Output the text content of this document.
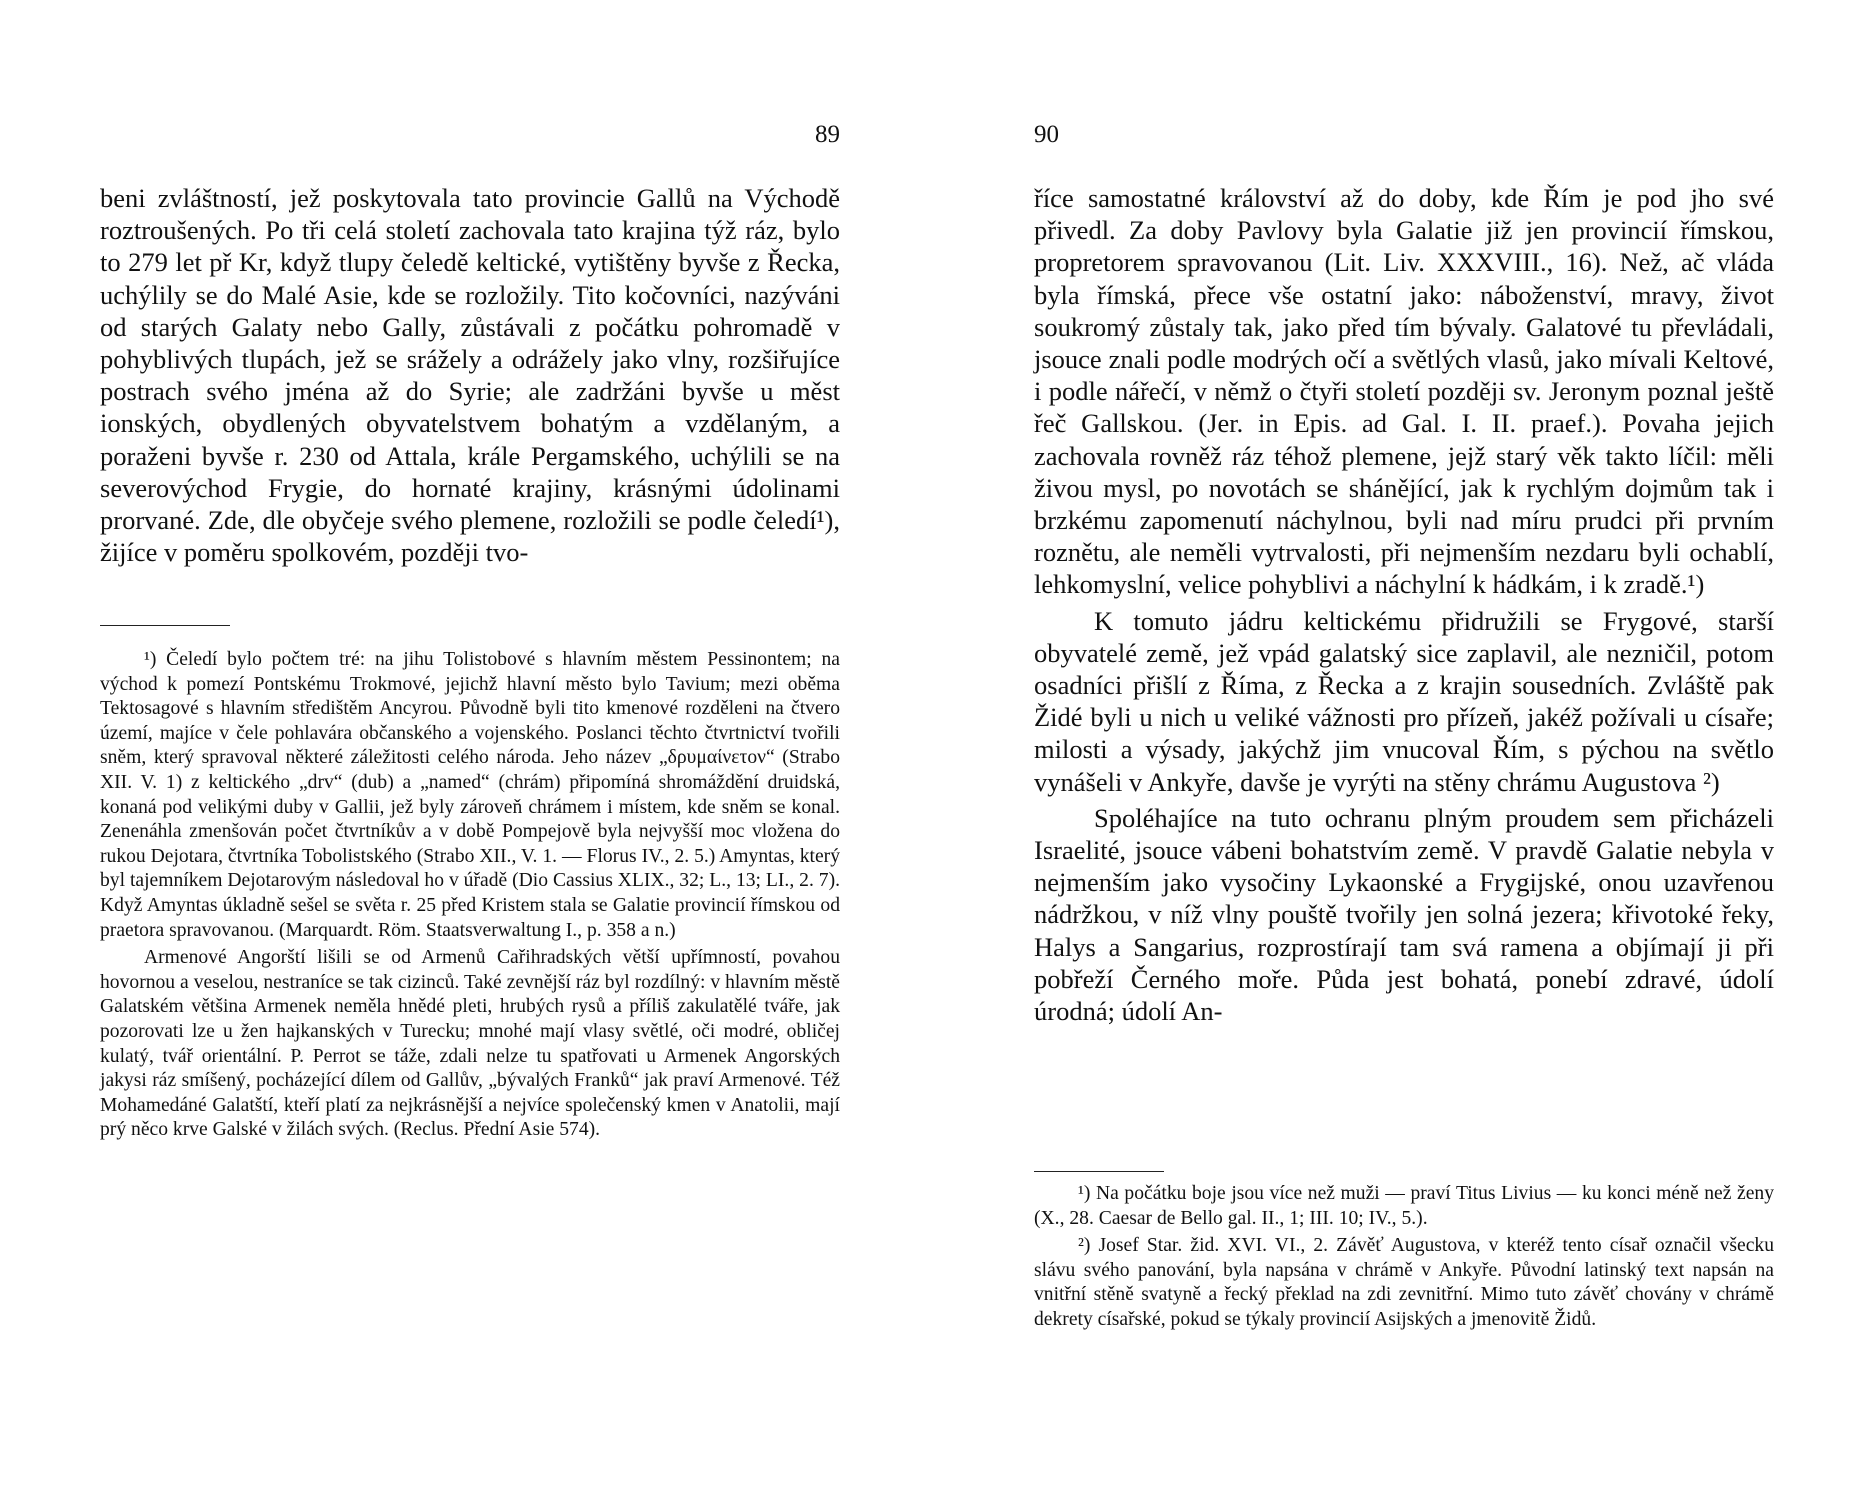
89

beni zvláštností, jež poskytovala tato provincie Gallů na Východě roztroušených. Po tři celá století zachovala tato krajina týž ráz, bylo to 279 let př Kr, když tlupy čeledě keltické, vytištěny byvše z Řecka, uchýlily se do Malé Asie, kde se rozložily. Tito kočovníci, nazýváni od starých Galaty nebo Gally, zůstávali z počátku pohromadě v pohyblivých tlupách, jež se srážely a odrážely jako vlny, rozšiřujíce postrach svého jména až do Syrie; ale zadržáni byvše u měst ionských, obydlených obyvatelstvem bohatým a vzdělaným, a poraženi byvše r. 230 od Attala, krále Pergamského, uchýlili se na severovýchod Frygie, do hornaté krajiny, krásnými údolinami prorvané. Zde, dle obyčeje svého plemene, rozložili se podle čeledí¹), žijíce v poměru spolkovém, později tvo-

¹) Čeledí bylo počtem tré: na jihu Tolistobové s hlavním městem Pessinontem; na východ k pomezí Pontskému Trokmové, jejichž hlavní město bylo Tavium; mezi oběma Tektosagové s hlavním středištěm Ancyrou. Původně byli tito kmenové rozděleni na čtvero území, majíce v čele pohlavára občanského a vojenského. Poslanci těchto čtvrtnictví tvořili sněm, který spravoval některé záležitosti celého národa. Jeho název „δρυμαίνετον“ (Strabo XII. V. 1) z keltického „drv“ (dub) a „named“ (chrám) připomíná shromáždění druidská, konaná pod velikými duby v Gallii, jež byly zároveň chrámem i místem, kde sněm se konal. Zenenáhla zmenšován počet čtvrtníkův a v době Pompejově byla nejvyšší moc vložena do rukou Dejotara, čtvrtníka Tobolistského (Strabo XII., V. 1. — Florus IV., 2. 5.) Amyntas, který byl tajemníkem Dejotarovým následoval ho v úřadě (Dio Cassius XLIX., 32; L., 13; LI., 2. 7). Když Amyntas úkladně sešel se světa r. 25 před Kristem stala se Galatie provincií římskou od praetora spravovanou. (Marquardt. Röm. Staatsverwaltung I., p. 358 a n.)

Armenové Angorští lišili se od Armenů Cařihradských větší upřímností, povahou hovornou a veselou, nestraníce se tak cizinců. Také zevnější ráz byl rozdílný: v hlavním městě Galatském většina Armenek neměla hnědé pleti, hrubých rysů a příliš zakulatělé tváře, jak pozorovati lze u žen hajkanských v Turecku; mnohé mají vlasy světlé, oči modré, obličej kulatý, tvář orientální. P. Perrot se táže, zdali nelze tu spatřovati u Armenek Angorských jakysi ráz smíšený, pocházející dílem od Gallův, „bývalých Franků“ jak praví Armenové. Též Mohamedáné Galatští, kteří platí za nejkrásnější a nejvíce společenský kmen v Anatolii, mají prý něco krve Galské v žilách svých. (Reclus. Přední Asie 574).

90

říce samostatné království až do doby, kde Řím je pod jho své přivedl. Za doby Pavlovy byla Galatie již jen provincií římskou, propretorem spravovanou (Lit. Liv. XXXVIII., 16). Než, ač vláda byla římská, přece vše ostatní jako: náboženství, mravy, život soukromý zůstaly tak, jako před tím bývaly. Galatové tu převládali, jsouce znali podle modrých očí a světlých vlasů, jako mívali Keltové, i podle nářečí, v němž o čtyři století později sv. Jeronym poznal ještě řeč Gallskou. (Jer. in Epis. ad Gal. I. II. praef.). Povaha jejich zachovala rovněž ráz téhož plemene, jejž starý věk takto líčil: měli živou mysl, po novotách se shánějící, jak k rychlým dojmům tak i brzkému zapomenutí náchylnou, byli nad míru prudci při prvním roznětu, ale neměli vytrvalosti, při nejmenším nezdaru byli ochablí, lehkomyslní, velice pohyblivi a náchylní k hádkám, i k zradě.¹)

K tomuto jádru keltickému přidružili se Frygové, starší obyvatelé země, jež vpád galatský sice zaplavil, ale nezničil, potom osadníci přišlí z Říma, z Řecka a z krajin sousedních. Zvláště pak Židé byli u nich u veliké vážnosti pro přízeň, jakéž požívali u císaře; milosti a výsady, jakýchž jim vnucoval Řím, s pýchou na světlo vynášeli v Ankyře, davše je vyrýti na stěny chrámu Augustova ²)

Spoléhajíce na tuto ochranu plným proudem sem přicházeli Israelité, jsouce vábeni bohatstvím země. V pravdě Galatie nebyla v nejmenším jako vysočiny Lykaonské a Frygijské, onou uzavřenou nádržkou, v níž vlny pouště tvořily jen solná jezera; křivotoké řeky, Halys a Sangarius, rozprostírají tam svá ramena a objímají ji při pobřeží Černého moře. Půda jest bohatá, ponebí zdravé, údolí úrodná; údolí An-

¹) Na počátku boje jsou více než muži — praví Titus Livius — ku konci méně než ženy (X., 28. Caesar de Bello gal. II., 1; III. 10; IV., 5.).

²) Josef Star. žid. XVI. VI., 2. Závěť Augustova, v kteréž tento císař označil všecku slávu svého panování, byla napsána v chrámě v Ankyře. Původní latinský text napsán na vnitřní stěně svatyně a řecký překlad na zdi zevnitřní. Mimo tuto závěť chovány v chrámě dekrety císařské, pokud se týkaly provincií Asijských a jmenovitě Židů.
